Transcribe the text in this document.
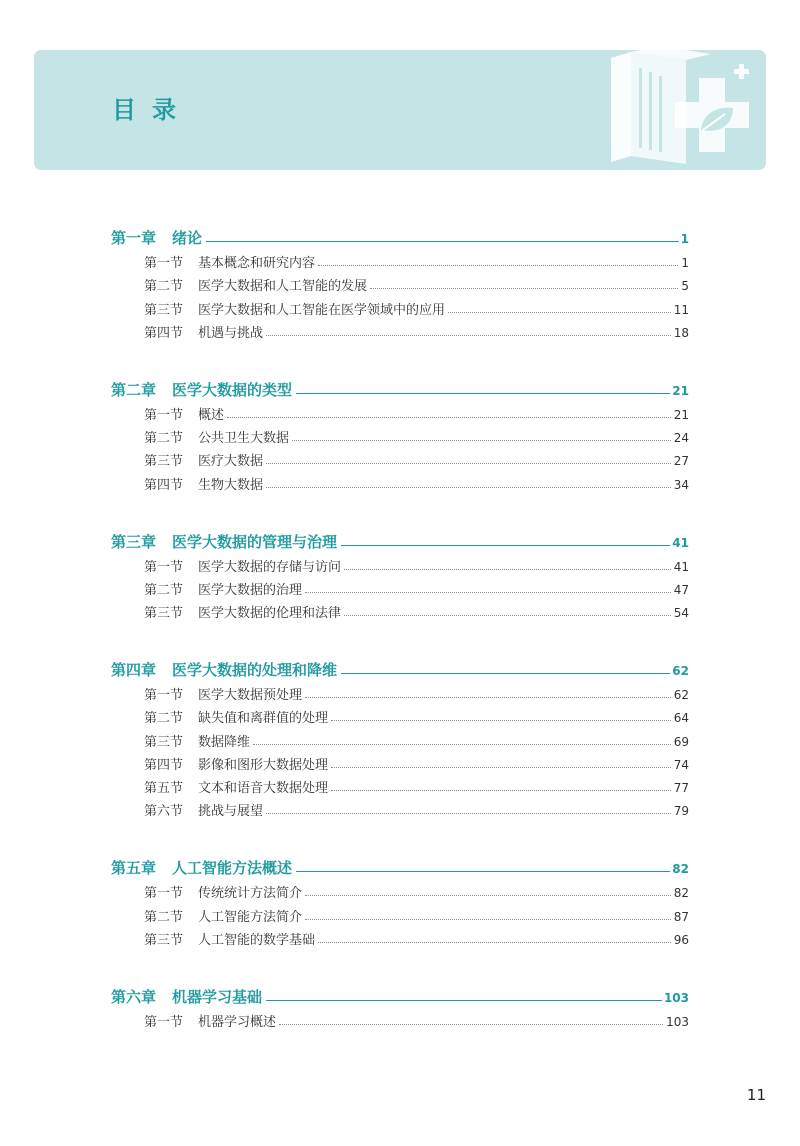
目录
第一章 绪论	1
第一节 基本概念和研究内容	1
第二节 医学大数据和人工智能的发展	5
第三节 医学大数据和人工智能在医学领域中的应用	11
第四节 机遇与挑战	18
第二章 医学大数据的类型	21
第一节 概述	21
第二节 公共卫生大数据	24
第三节 医疗大数据	27
第四节 生物大数据	34
第三章 医学大数据的管理与治理	41
第一节 医学大数据的存储与访问	41
第二节 医学大数据的治理	47
第三节 医学大数据的伦理和法律	54
第四章 医学大数据的处理和降维	62
第一节 医学大数据预处理	62
第二节 缺失值和离群值的处理	64
第三节 数据降维	69
第四节 影像和图形大数据处理	74
第五节 文本和语音大数据处理	77
第六节 挑战与展望	79
第五章 人工智能方法概述	82
第一节 传统统计方法简介	82
第二节 人工智能方法简介	87
第三节 人工智能的数学基础	96
第六章 机器学习基础	103
第一节 机器学习概述	103
11
